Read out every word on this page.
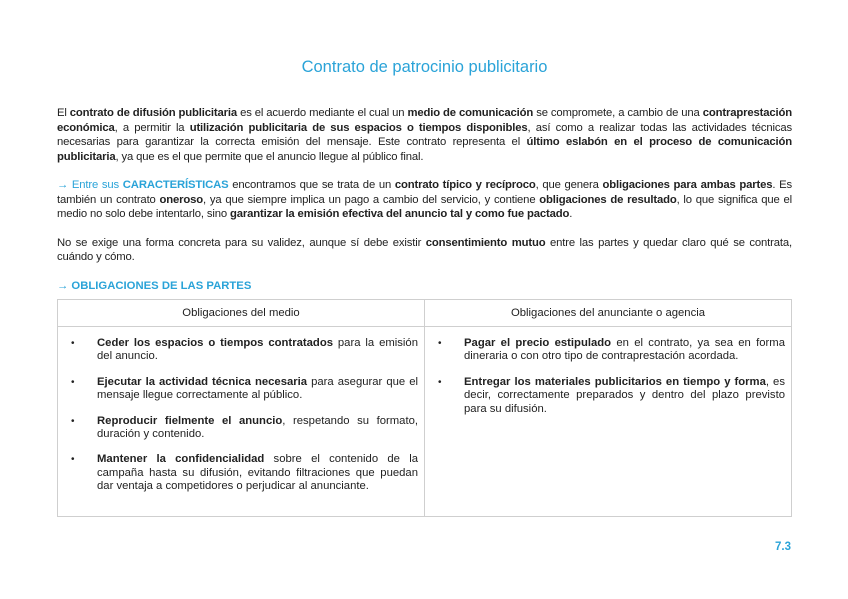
Contrato de patrocinio publicitario

El contrato de difusión publicitaria es el acuerdo mediante el cual un medio de comunicación se compromete, a cambio de una contraprestación económica, a permitir la utilización publicitaria de sus espacios o tiempos disponibles, así como a realizar todas las actividades técnicas necesarias para garantizar la correcta emisión del mensaje. Este contrato representa el último eslabón en el proceso de comunicación publicitaria, ya que es el que permite que el anuncio llegue al público final.

→ Entre sus CARACTERÍSTICAS encontramos que se trata de un contrato típico y recíproco, que genera obligaciones para ambas partes. Es también un contrato oneroso, ya que siempre implica un pago a cambio del servicio, y contiene obligaciones de resultado, lo que significa que el medio no solo debe intentarlo, sino garantizar la emisión efectiva del anuncio tal y como fue pactado.

No se exige una forma concreta para su validez, aunque sí debe existir consentimiento mutuo entre las partes y quedar claro qué se contrata, cuándo y cómo.

→ OBLIGACIONES DE LAS PARTES

Obligaciones del medio
• Ceder los espacios o tiempos contratados para la emisión del anuncio.
• Ejecutar la actividad técnica necesaria para asegurar que el mensaje llegue correctamente al público.
• Reproducir fielmente el anuncio, respetando su formato, duración y contenido.
• Mantener la confidencialidad sobre el contenido de la campaña hasta su difusión, evitando filtraciones que puedan dar ventaja a competidores o perjudicar al anunciante.
Obligaciones del anunciante o agencia
• Pagar el precio estipulado en el contrato, ya sea en forma dineraria o con otro tipo de contraprestación acordada.
• Entregar los materiales publicitarios en tiempo y forma, es decir, correctamente preparados y dentro del plazo previsto para su difusión.
7.3
